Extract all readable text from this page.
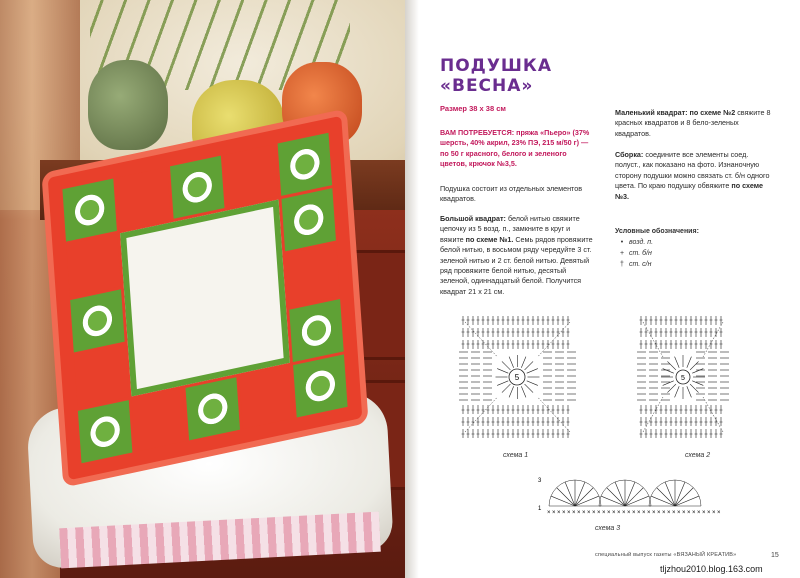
ПОДУШКА
«ВЕСНА»
Размер 38 х 38 см
ВАМ ПОТРЕБУЕТСЯ: пряжа «Пьеро» (37% шерсть, 40% акрил, 23% ПЭ, 215 м/50 г) — по 50 г красного, белого и зеленого цветов, крючок №3,5.
Подушка состоит из отдельных элементов квадратов.
Большой квадрат: белой нитью свяжите цепочку из 5 возд. п., замкните в круг и вяжите по схеме №1. Семь рядов провяжите белой нитью, в восьмом ряду чередуйте 3 ст. зеленой нитью и 2 ст. белой нитью. Девятый ряд провяжите белой нитью, десятый зеленой, одиннадцатый белой. Получится квадрат 21 х 21 см.
Маленький квадрат: по схеме №2 свяжите 8 красных квадратов и 8 бело-зеленых квадратов.
Сборка: соедините все элементы соед. полуст., как показано на фото. Изнаночную сторону подушки можно связать ст. б/н одного цвета. По краю подушку обвяжите по схеме №3.
Условные обозначения:
• возд. п.
+ ст. б/н
† ст. с/н
5
схема 1
5
схема 2
× × × × × × × × × × × × × × × × × × × × × × × × × × × × × × × × × × ×
3
1
схема 3
специальный выпуск газеты «ВЯЗАНЫЙ КРЕАТИВ»	15
tljzhou2010.blog.163.com
